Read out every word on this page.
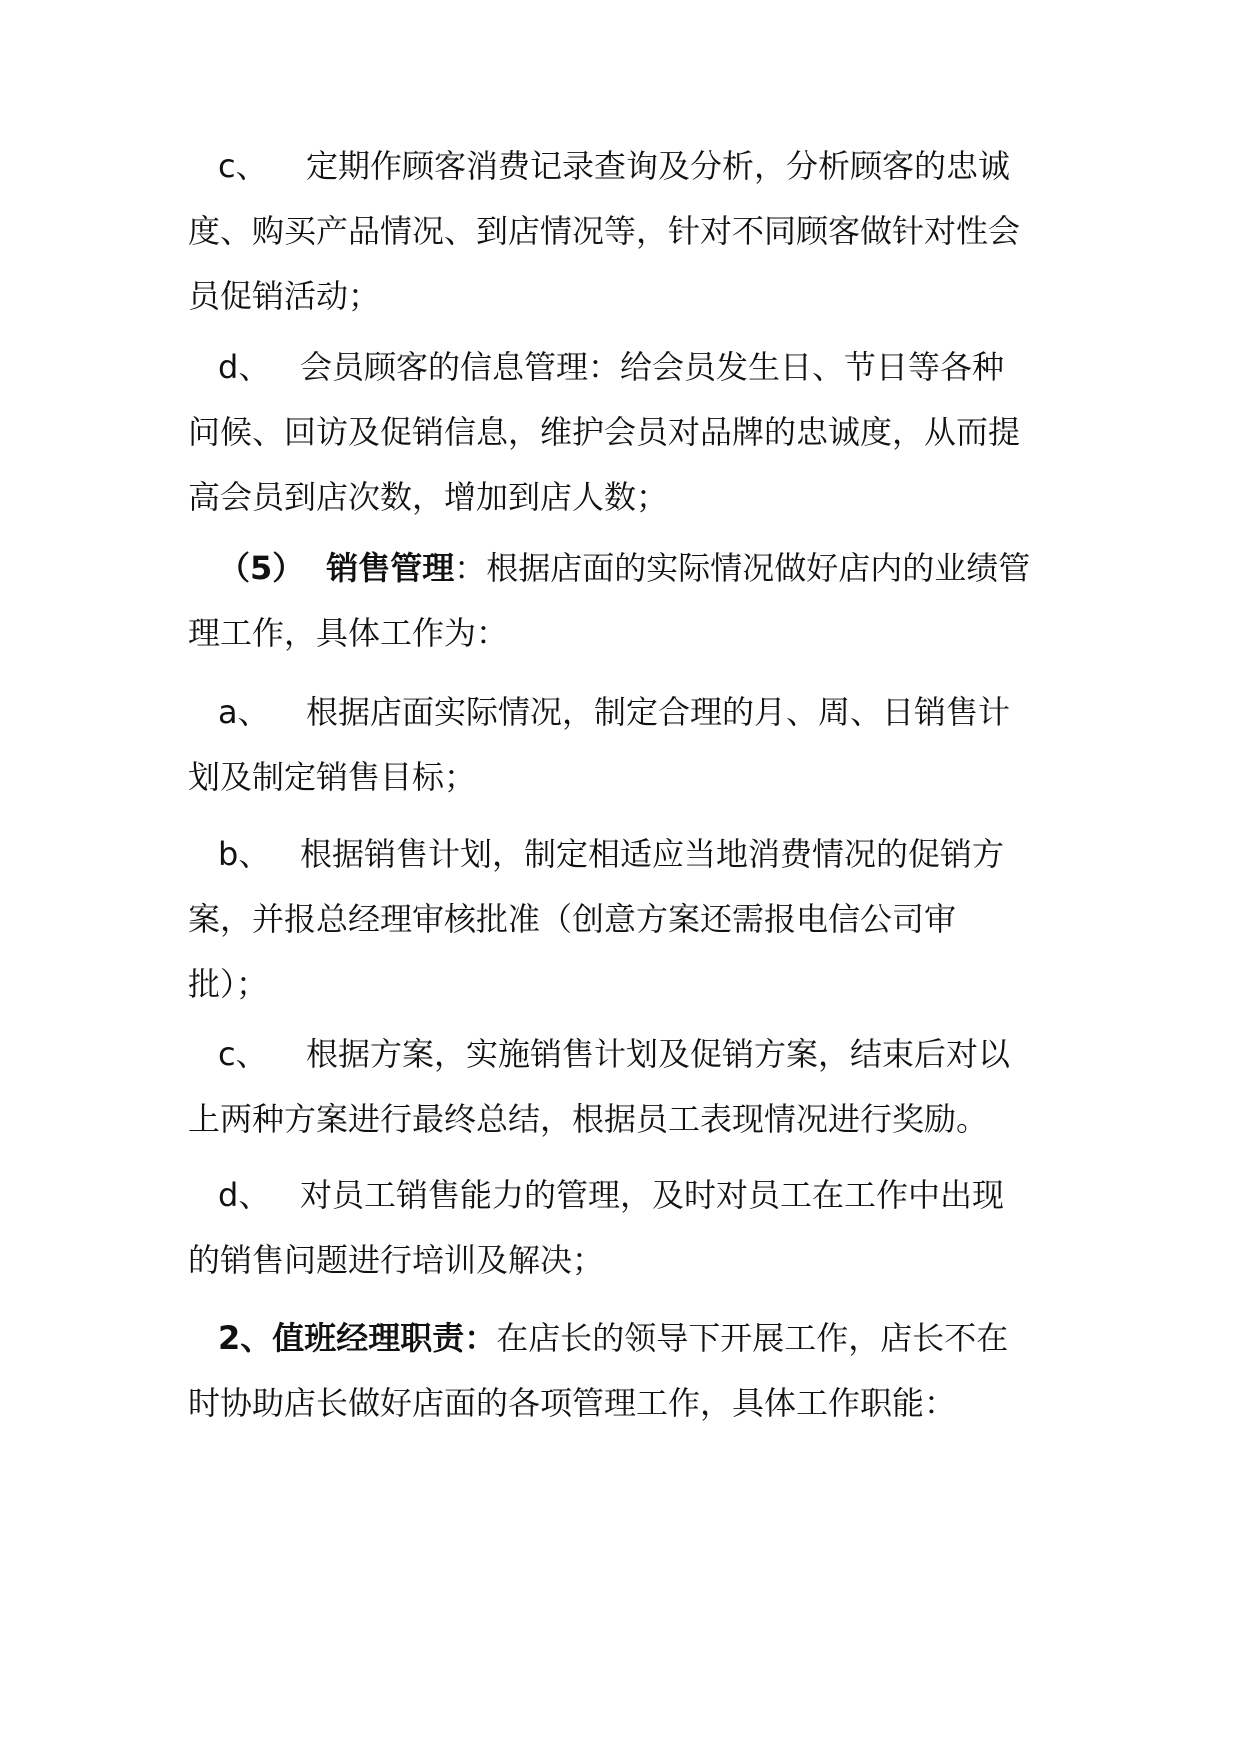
c、 定期作顾客消费记录查询及分析，分析顾客的忠诚
度、购买产品情况、到店情况等，针对不同顾客做针对性会
员促销活动；
d、 会员顾客的信息管理：给会员发生日、节日等各种
问候、回访及促销信息，维护会员对品牌的忠诚度，从而提
高会员到店次数，增加到店人数；
（5） 销售管理：根据店面的实际情况做好店内的业绩管
理工作，具体工作为：
a、 根据店面实际情况，制定合理的月、周、日销售计
划及制定销售目标；
b、 根据销售计划，制定相适应当地消费情况的促销方
案，并报总经理审核批准（创意方案还需报电信公司审
批）；
c、 根据方案，实施销售计划及促销方案，结束后对以
上两种方案进行最终总结，根据员工表现情况进行奖励。
d、 对员工销售能力的管理，及时对员工在工作中出现
的销售问题进行培训及解决；
2、值班经理职责：在店长的领导下开展工作，店长不在
时协助店长做好店面的各项管理工作，具体工作职能：
